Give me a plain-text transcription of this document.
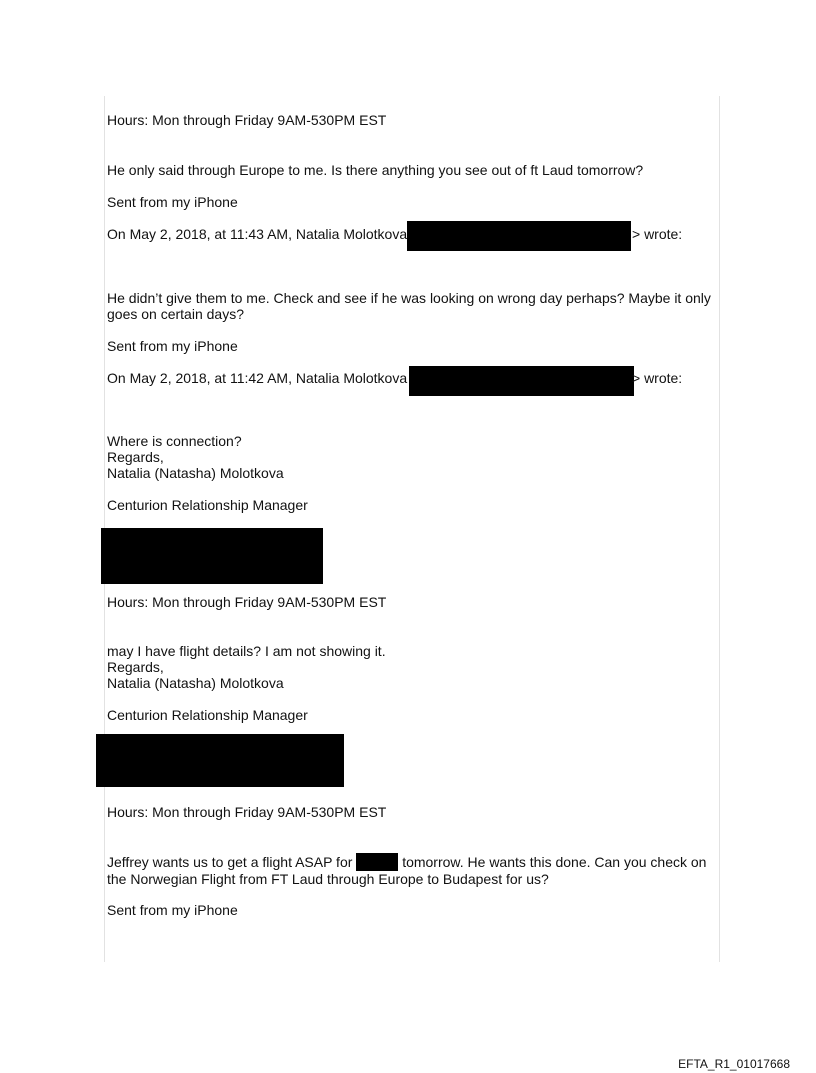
Hours: Mon through Friday 9AM-530PM EST
He only said through Europe to me. Is there anything you see out of ft Laud tomorrow?
Sent from my iPhone
On May 2, 2018, at 11:43 AM, Natalia Molotkova	> wrote:
He didn’t give them to me. Check and see if he was looking on wrong day perhaps? Maybe it only goes on certain days?
Sent from my iPhone
On May 2, 2018, at 11:42 AM, Natalia Molotkova	> wrote:
Where is connection?
Regards,
Natalia (Natasha) Molotkova
Centurion Relationship Manager
Hours: Mon through Friday 9AM-530PM EST
may I have flight details? I am not showing it.
Regards,
Natalia (Natasha) Molotkova
Centurion Relationship Manager
Hours: Mon through Friday 9AM-530PM EST
Jeffrey wants us to get a flight ASAP for	tomorrow. He wants this done. Can you check on the Norwegian Flight from FT Laud through Europe to Budapest for us?
Sent from my iPhone
EFTA_R1_01017668
